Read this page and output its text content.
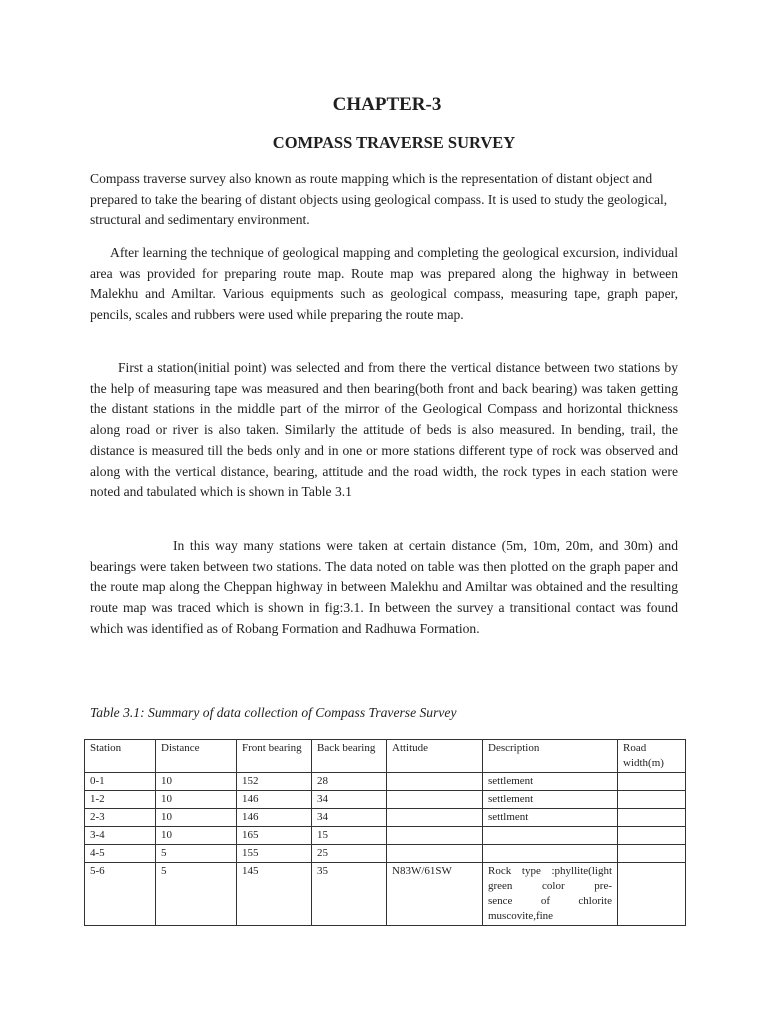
CHAPTER-3
COMPASS TRAVERSE SURVEY

Compass traverse survey also known as route mapping which is the representation of distant object and prepared to take the bearing of distant objects using geological compass. It is used to study the geological, structural and sedimentary environment.

After learning the technique of geological mapping and completing the geological excursion, individual area was provided for preparing route map. Route map was prepared along the highway in between Malekhu and Amiltar. Various equipments such as geological compass, measuring tape, graph paper, pencils, scales and rubbers were used while preparing the route map.

First a station(initial point) was selected and from there the vertical distance between two stations by the help of measuring tape was measured and then bearing(both front and back bearing) was taken getting the distant stations in the middle part of the mirror of the Geological Compass and horizontal thickness along road or river is also taken. Similarly the attitude of beds is also measured. In bending, trail, the distance is measured till the beds only and in one or more stations different type of rock was observed and along with the vertical distance, bearing, attitude and the road width, the rock types in each station were noted and tabulated which is shown in Table 3.1

In this way many stations were taken at certain distance (5m, 10m, 20m, and 30m) and bearings were taken between two stations. The data noted on table was then plotted on the graph paper and the route map along the Cheppan highway in between Malekhu and Amiltar was obtained and the resulting route map was traced which is shown in fig:3.1. In between the survey a transitional contact was found which was identified as of Robang Formation and Radhuwa Formation.

Table 3.1: Summary of data collection of Compass Traverse Survey

Station	Distance	Front bearing	Back bearing	Attitude	Description	Road width(m)
0-1	10	152	28		settlement	
1-2	10	146	34		settlement	
2-3	10	146	34		settlment	
3-4	10	165	15			
4-5	5	155	25			
5-6	5	145	35	N83W/61SW	Rock type :phyllite(light green color pre-
sence of chlorite muscovite,fine	
